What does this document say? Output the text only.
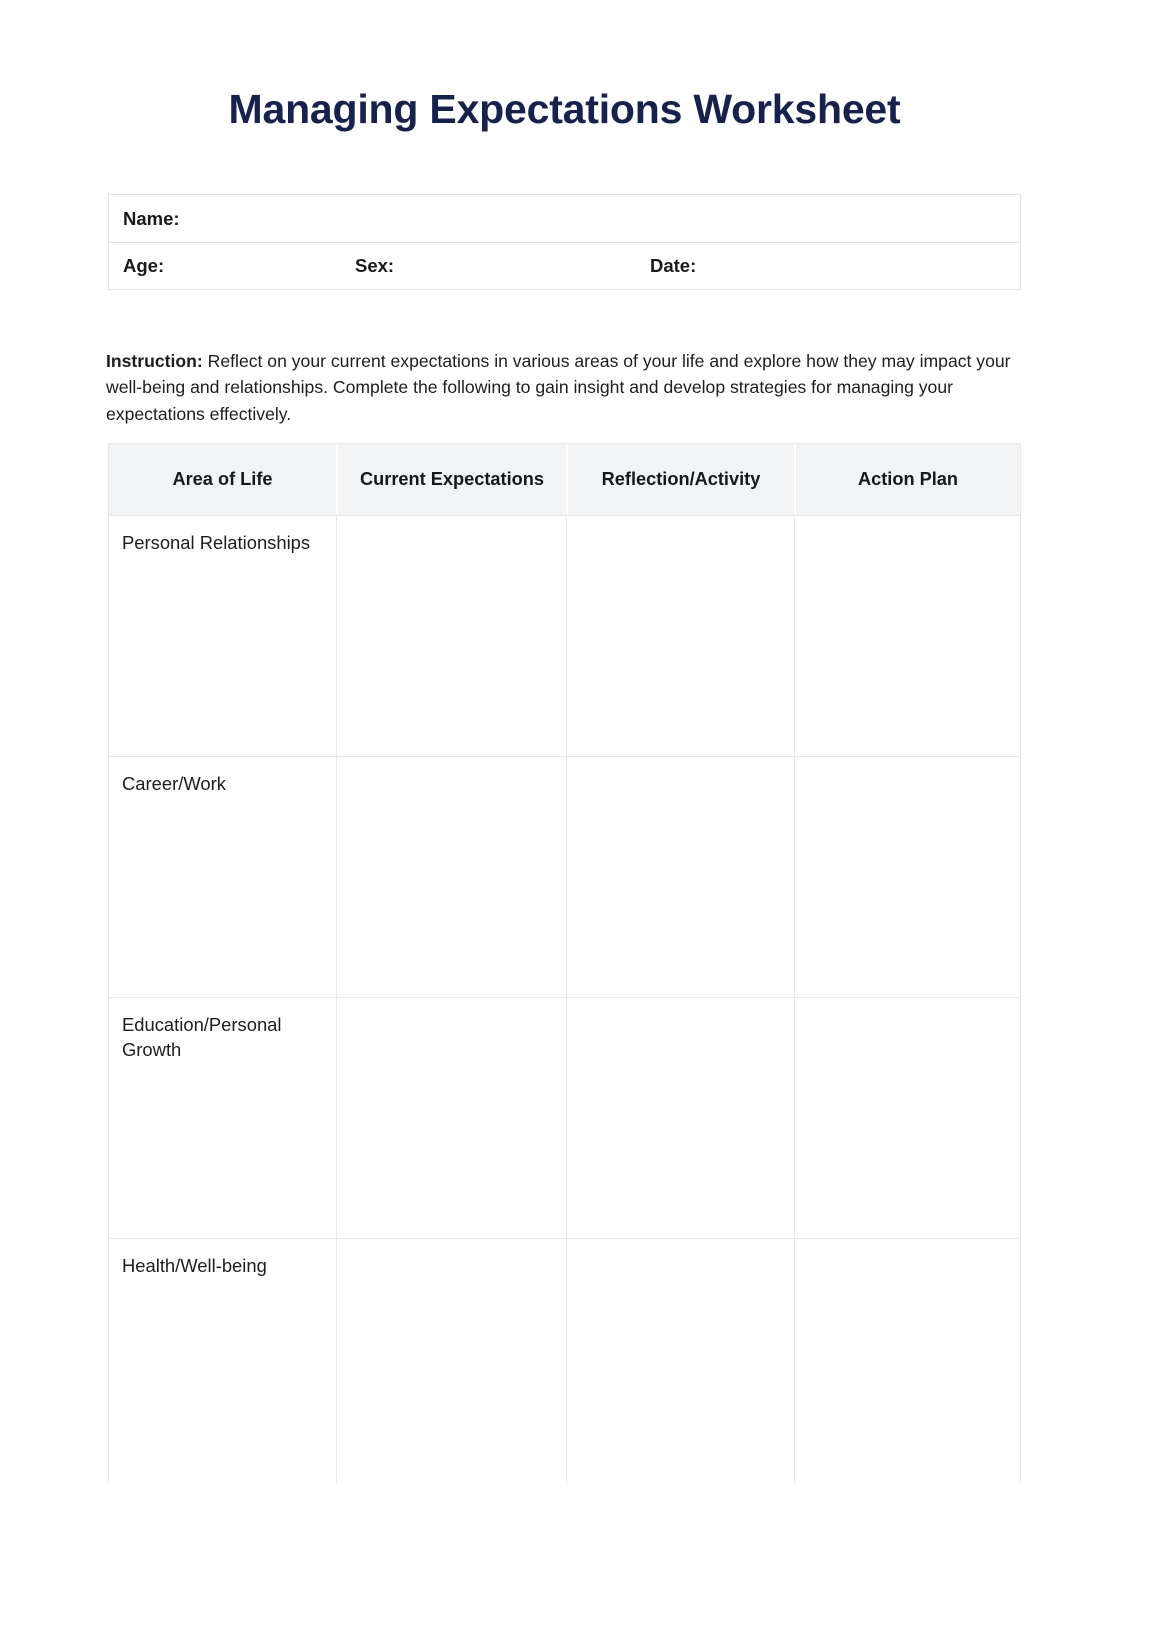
Managing Expectations Worksheet
Name:
Age:	Sex:	Date:

Instruction: Reflect on your current expectations in various areas of your life and explore how they may impact your well-being and relationships. Complete the following to gain insight and develop strategies for managing your expectations effectively.

Area of Life	Current Expectations	Reflection/Activity	Action Plan
Personal Relationships
Career/Work
Education/Personal Growth
Health/Well-being
